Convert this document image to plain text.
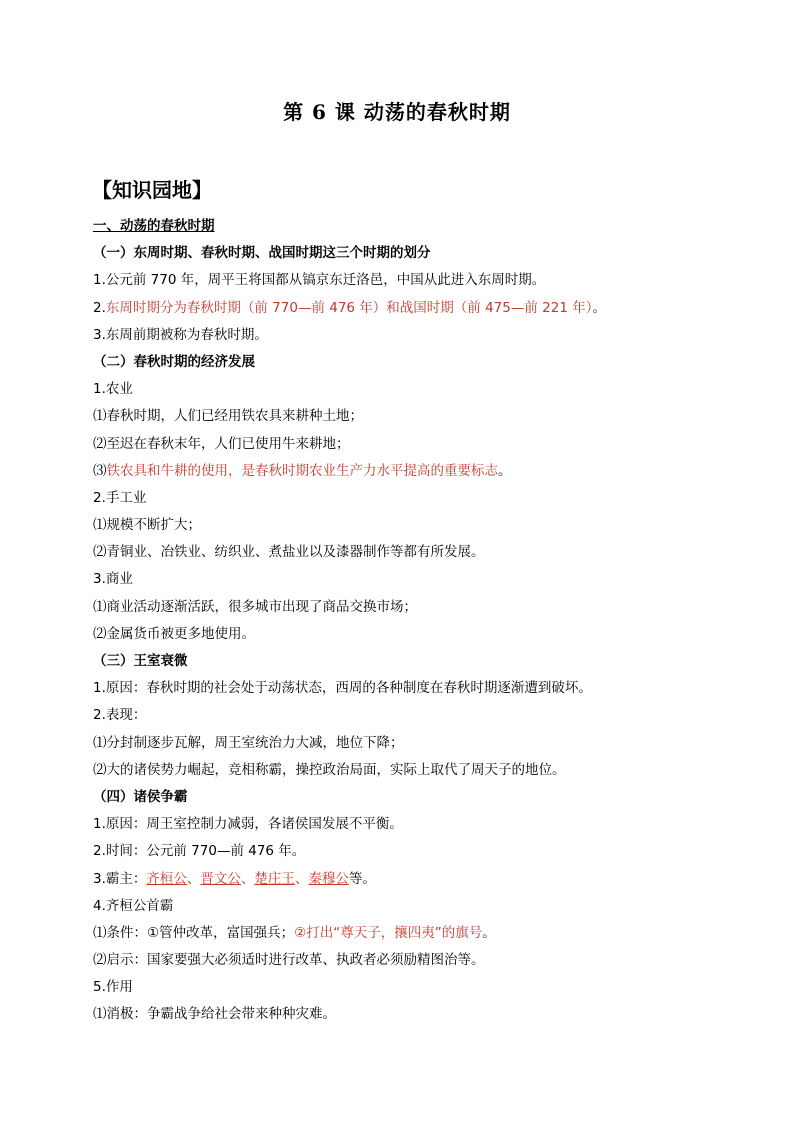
第 6 课 动荡的春秋时期
【知识园地】
一、动荡的春秋时期
（一）东周时期、春秋时期、战国时期这三个时期的划分
1.公元前 770 年，周平王将国都从镐京东迁洛邑，中国从此进入东周时期。
2.东周时期分为春秋时期（前 770—前 476 年）和战国时期（前 475—前 221 年）。
3.东周前期被称为春秋时期。
（二）春秋时期的经济发展
1.农业
⑴春秋时期，人们已经用铁农具来耕种土地；
⑵至迟在春秋末年，人们已使用牛来耕地；
⑶铁农具和牛耕的使用，是春秋时期农业生产力水平提高的重要标志。
2.手工业
⑴规模不断扩大；
⑵青铜业、冶铁业、纺织业、煮盐业以及漆器制作等都有所发展。
3.商业
⑴商业活动逐渐活跃，很多城市出现了商品交换市场；
⑵金属货币被更多地使用。
（三）王室衰微
1.原因：春秋时期的社会处于动荡状态，西周的各种制度在春秋时期逐渐遭到破坏。
2.表现：
⑴分封制逐步瓦解，周王室统治力大减，地位下降；
⑵大的诸侯势力崛起，竞相称霸，操控政治局面，实际上取代了周天子的地位。
（四）诸侯争霸
1.原因：周王室控制力减弱，各诸侯国发展不平衡。
2.时间：公元前 770—前 476 年。
3.霸主：齐桓公、晋文公、楚庄王、秦穆公等。
4.齐桓公首霸
⑴条件：①管仲改革，富国强兵；②打出“尊天子，攘四夷”的旗号。
⑵启示：国家要强大必须适时进行改革、执政者必须励精图治等。
5.作用
⑴消极：争霸战争给社会带来种种灾难。
